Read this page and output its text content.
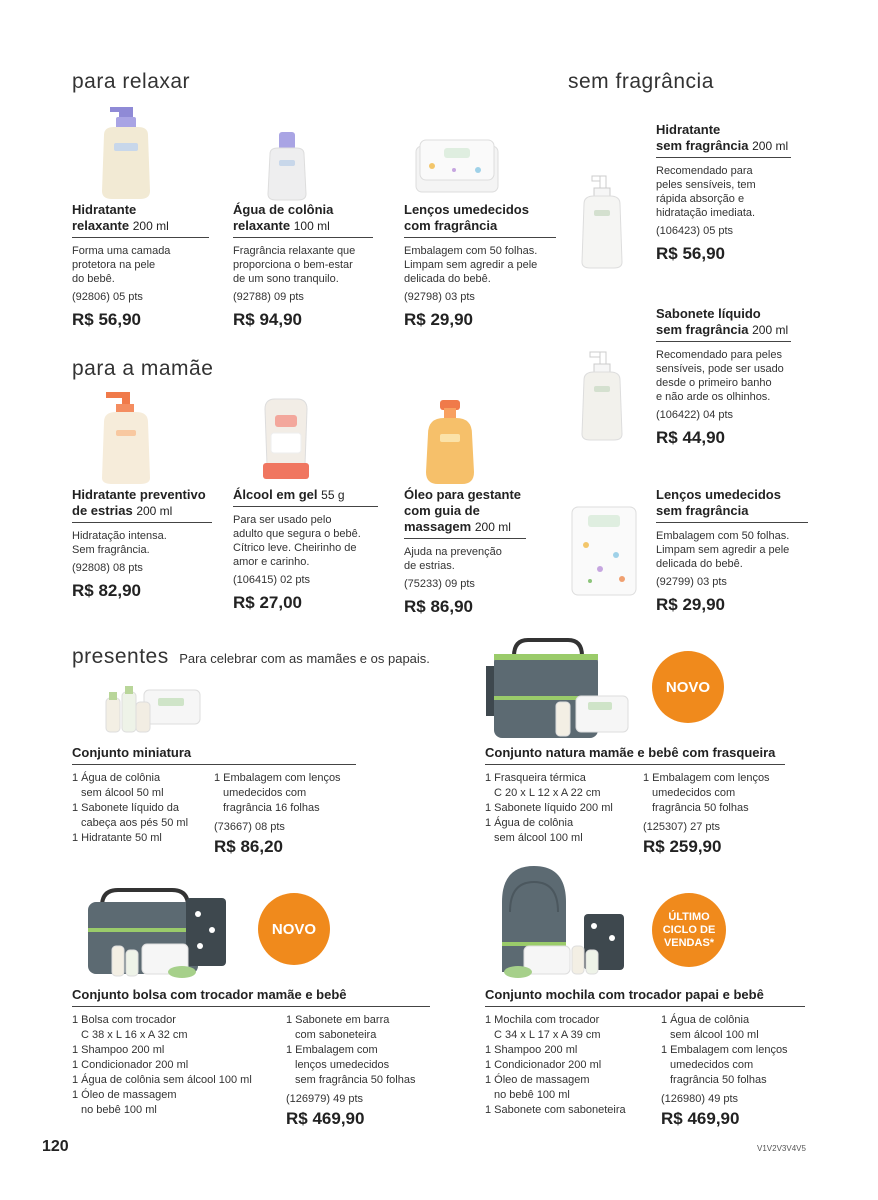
para relaxar	sem fragrância
para a mamãe
presentes Para celebrar com as mamães e os papais.
Hidratante
relaxante 200 ml
Forma uma camada
protetora na pele
do bebê.
(92806) 05 pts
R$ 56,90
Água de colônia
relaxante 100 ml
Fragrância relaxante que
proporciona o bem-estar
de um sono tranquilo.
(92788) 09 pts
R$ 94,90
Lenços umedecidos
com fragrância
Embalagem com 50 folhas.
Limpam sem agredir a pele
delicada do bebê.
(92798) 03 pts
R$ 29,90
Hidratante
sem fragrância 200 ml
Recomendado para
peles sensíveis, tem
rápida absorção e
hidratação imediata.
(106423) 05 pts
R$ 56,90
Sabonete líquido
sem fragrância 200 ml
Recomendado para peles
sensíveis, pode ser usado
desde o primeiro banho
e não arde os olhinhos.
(106422) 04 pts
R$ 44,90
Lenços umedecidos
sem fragrância
Embalagem com 50 folhas.
Limpam sem agredir a pele
delicada do bebê.
(92799) 03 pts
R$ 29,90
Hidratante preventivo
de estrias 200 ml
Hidratação intensa.
Sem fragrância.
(92808) 08 pts
R$ 82,90
Álcool em gel 55 g
Para ser usado pelo
adulto que segura o bebê.
Cítrico leve. Cheirinho de
amor e carinho.
(106415) 02 pts
R$ 27,00
Óleo para gestante
com guia de
massagem 200 ml
Ajuda na prevenção
de estrias.
(75233) 09 pts
R$ 86,90
NOVO
NOVO
ÚLTIMO
CICLO DE
VENDAS*
Conjunto miniatura
1 Água de colônia
sem álcool 50 ml
1 Sabonete líquido da
cabeça aos pés 50 ml
1 Hidratante 50 ml
1 Embalagem com lenços
umedecidos com
fragrância 16 folhas
(73667) 08 pts
R$ 86,20
Conjunto natura mamãe e bebê com frasqueira
1 Frasqueira térmica
C 20 x L 12 x A 22 cm
1 Sabonete líquido 200 ml
1 Água de colônia
sem álcool 100 ml
1 Embalagem com lenços
umedecidos com
fragrância 50 folhas
(125307) 27 pts
R$ 259,90
Conjunto bolsa com trocador mamãe e bebê
1 Bolsa com trocador
C 38 x L 16 x A 32 cm
1 Shampoo 200 ml
1 Condicionador 200 ml
1 Água de colônia sem álcool 100 ml
1 Óleo de massagem
no bebê 100 ml
1 Sabonete em barra
com saboneteira
1 Embalagem com
lenços umedecidos
sem fragrância 50 folhas
(126979) 49 pts
R$ 469,90
Conjunto mochila com trocador papai e bebê
1 Mochila com trocador
C 34 x L 17 x A 39 cm
1 Shampoo 200 ml
1 Condicionador 200 ml
1 Óleo de massagem
no bebê 100 ml
1 Sabonete com saboneteira
1 Água de colônia
sem álcool 100 ml
1 Embalagem com lenços
umedecidos com
fragrância 50 folhas
(126980) 49 pts
R$ 469,90
120	V1V2V3V4V5
